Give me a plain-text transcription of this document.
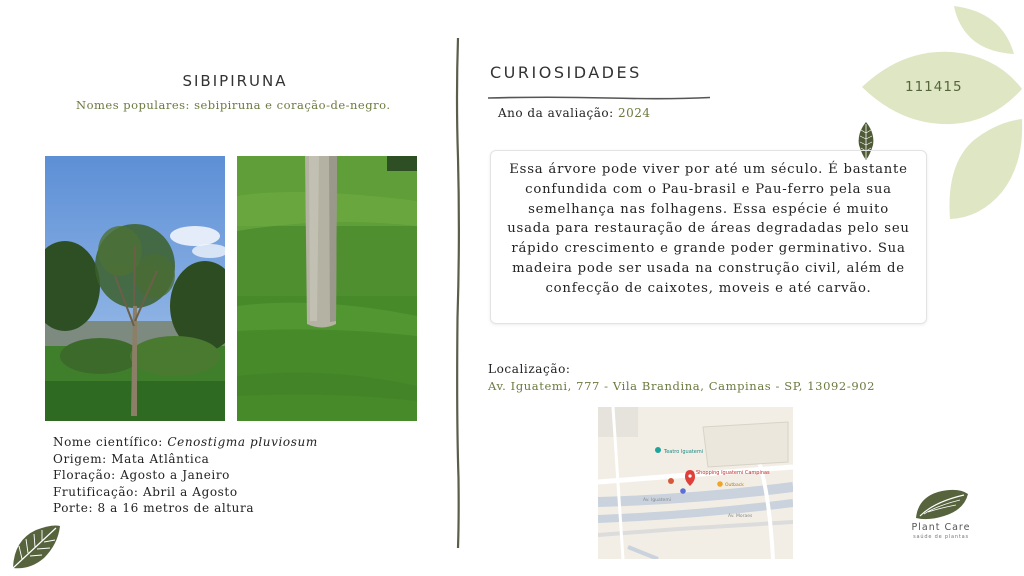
SIBIPIRUNA
Nomes populares: sebipiruna e coração-de-negro.
Nome científico: Cenostigma pluviosum
Origem: Mata Atlântica
Floração: Agosto a Janeiro
Frutificação: Abril a Agosto
Porte: 8 a 16 metros de altura
CURIOSIDADES
Ano da avaliação: 2024
Essa árvore pode viver por até um século. É bastante confundida com o Pau-brasil e Pau-ferro pela sua semelhança nas folhagens. Essa espécie é muito usada para restauração de áreas degradadas pelo seu rápido crescimento e grande poder germinativo. Sua madeira pode ser usada na construção civil, além de confecção de caixotes, moveis e até carvão.
Localização:
Av. Iguatemi, 777 - Vila Brandina, Campinas - SP, 13092-902
Teatro Iguatemi
Shopping Iguatemi Campinas
Outback
Av. Iguatemi
Av. Moraes
111415
Plant Care
saúde de plantas
